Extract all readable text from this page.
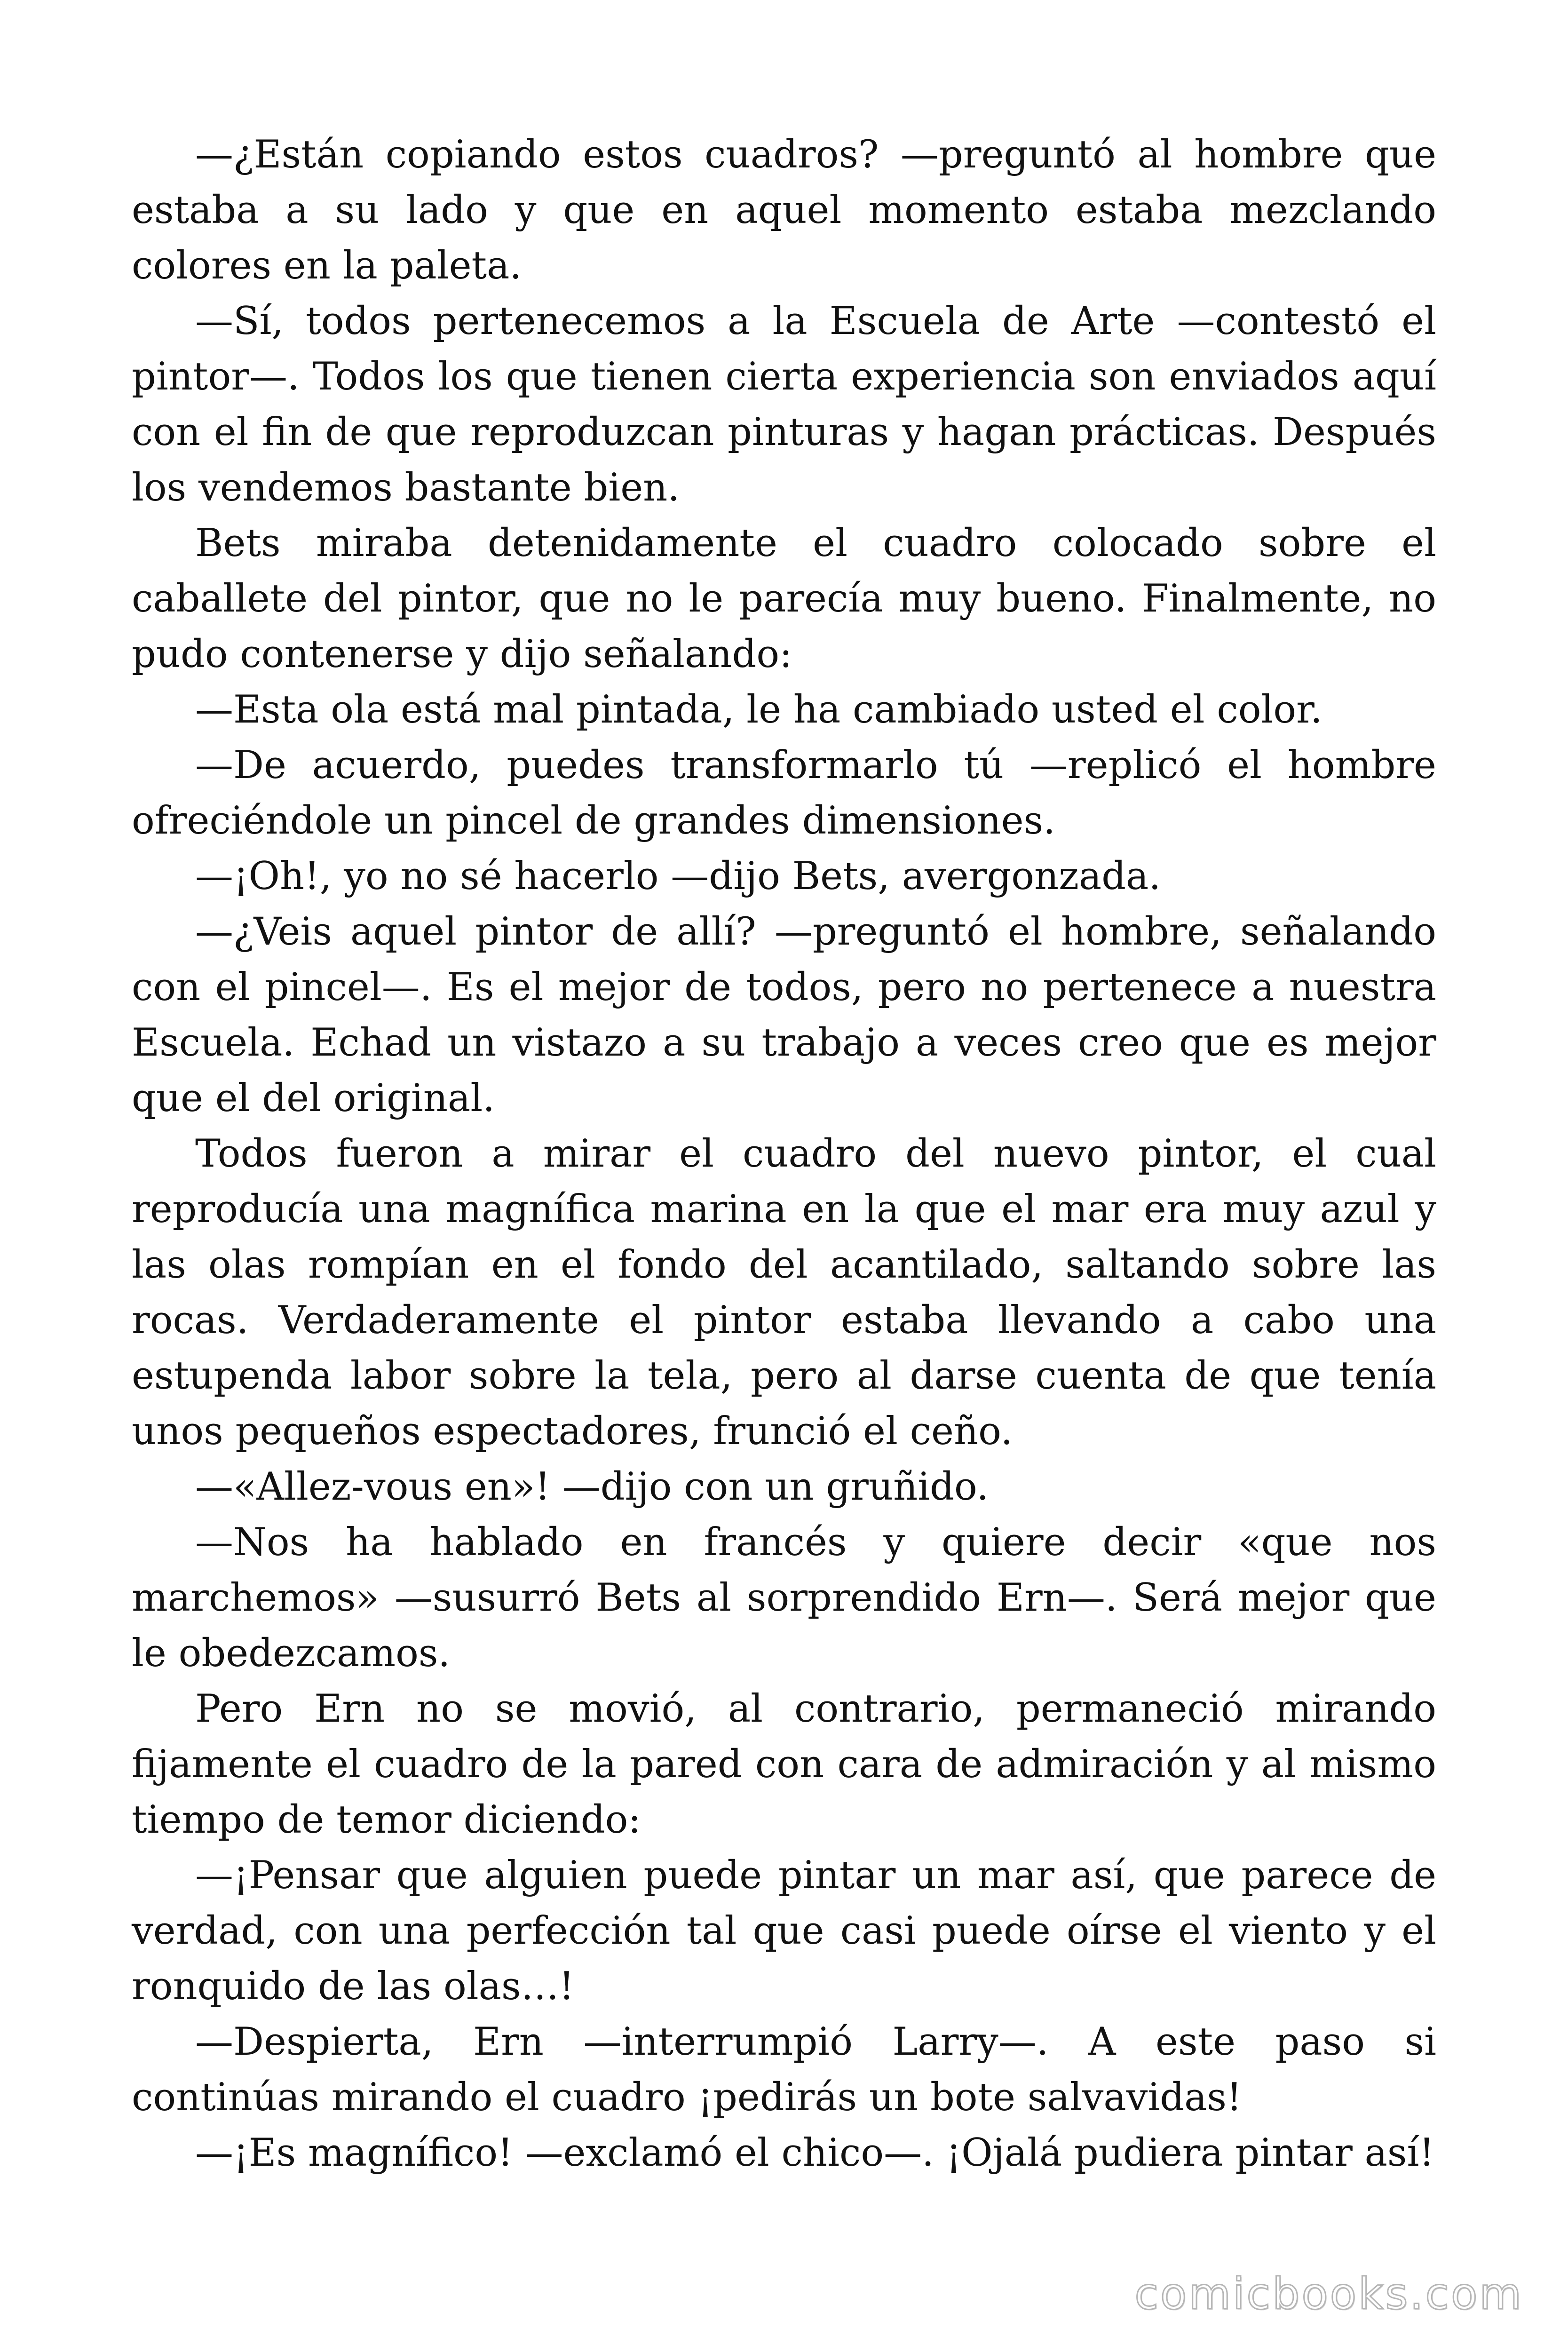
—¿Están copiando estos cuadros? —preguntó al hombre que estaba a su lado y que en aquel momento estaba mezclando colores en la paleta.

—Sí, todos pertenecemos a la Escuela de Arte —contestó el pintor—. Todos los que tienen cierta experiencia son enviados aquí con el fin de que reproduzcan pinturas y hagan prácticas. Después los vendemos bastante bien.

Bets miraba detenidamente el cuadro colocado sobre el caballete del pintor, que no le parecía muy bueno. Finalmente, no pudo contenerse y dijo señalando:

—Esta ola está mal pintada, le ha cambiado usted el color.

—De acuerdo, puedes transformarlo tú —replicó el hombre ofreciéndole un pincel de grandes dimensiones.

—¡Oh!, yo no sé hacerlo —dijo Bets, avergonzada.

—¿Veis aquel pintor de allí? —preguntó el hombre, señalando con el pincel—. Es el mejor de todos, pero no pertenece a nuestra Escuela. Echad un vistazo a su trabajo a veces creo que es mejor que el del original.

Todos fueron a mirar el cuadro del nuevo pintor, el cual reproducía una magnífica marina en la que el mar era muy azul y las olas rompían en el fondo del acantilado, saltando sobre las rocas. Verdaderamente el pintor estaba llevando a cabo una estupenda labor sobre la tela, pero al darse cuenta de que tenía unos pequeños espectadores, frunció el ceño.

—«Allez-vous en»! —dijo con un gruñido.

—Nos ha hablado en francés y quiere decir «que nos marchemos» —susurró Bets al sorprendido Ern—. Será mejor que le obedezcamos.

Pero Ern no se movió, al contrario, permaneció mirando fijamente el cuadro de la pared con cara de admiración y al mismo tiempo de temor diciendo:

—¡Pensar que alguien puede pintar un mar así, que parece de verdad, con una perfección tal que casi puede oírse el viento y el ronquido de las olas…!

—Despierta, Ern —interrumpió Larry—. A este paso si continúas mirando el cuadro ¡pedirás un bote salvavidas!

—¡Es magnífico! —exclamó el chico—. ¡Ojalá pudiera pintar así!

comicbooks.com
